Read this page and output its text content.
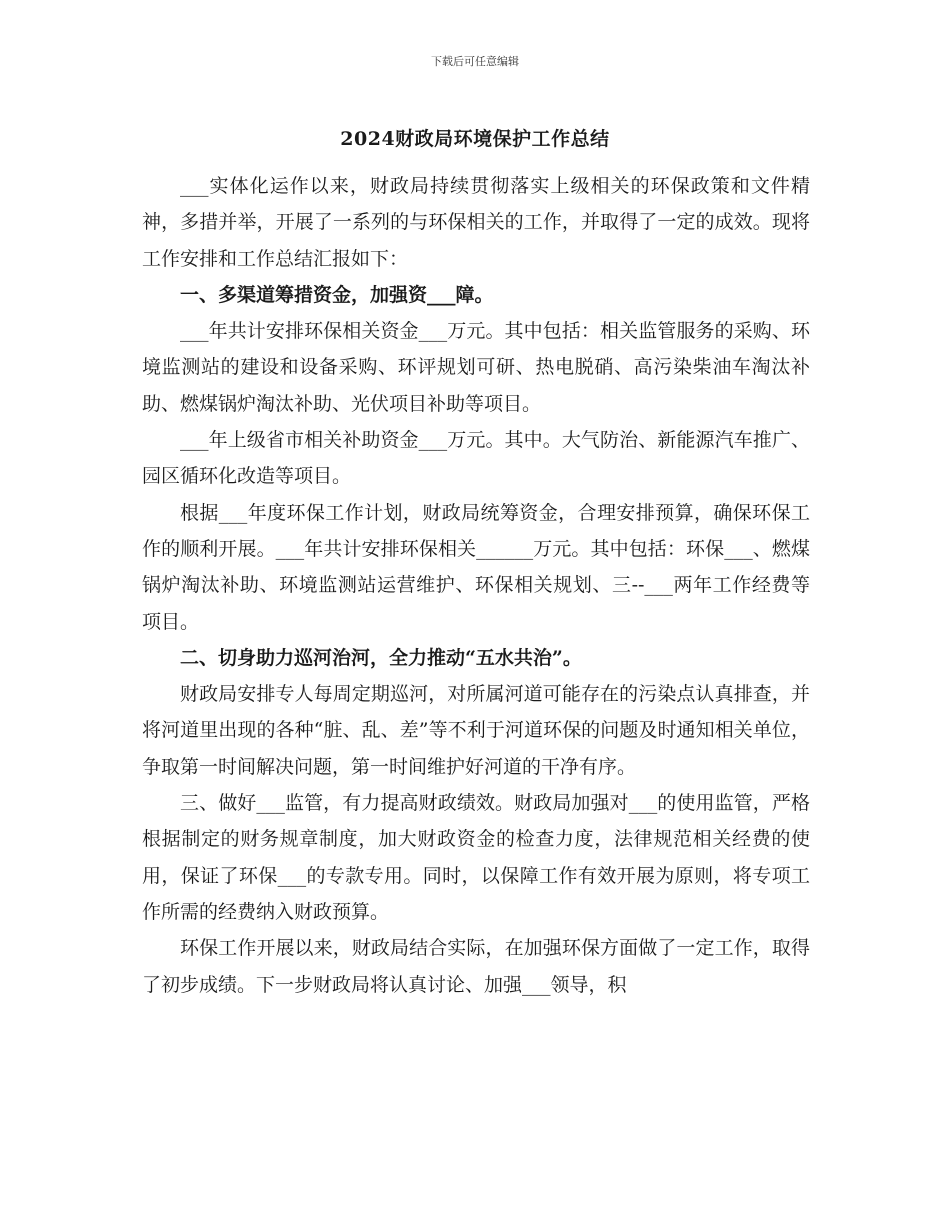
下载后可任意编辑
2024财政局环境保护工作总结

___实体化运作以来，财政局持续贯彻落实上级相关的环保政策和文件精神，多措并举，开展了一系列的与环保相关的工作，并取得了一定的成效。现将工作安排和工作总结汇报如下：

一、多渠道筹措资金，加强资___障。

___年共计安排环保相关资金___万元。其中包括：相关监管服务的采购、环境监测站的建设和设备采购、环评规划可研、热电脱硝、高污染柴油车淘汰补助、燃煤锅炉淘汰补助、光伏项目补助等项目。

___年上级省市相关补助资金___万元。其中。大气防治、新能源汽车推广、园区循环化改造等项目。

根据___年度环保工作计划，财政局统筹资金，合理安排预算，确保环保工作的顺利开展。___年共计安排环保相关______万元。其中包括：环保___、燃煤锅炉淘汰补助、环境监测站运营维护、环保相关规划、三--___两年工作经费等项目。

二、切身助力巡河治河，全力推动“五水共治”。

财政局安排专人每周定期巡河，对所属河道可能存在的污染点认真排查，并将河道里出现的各种“脏、乱、差”等不利于河道环保的问题及时通知相关单位，争取第一时间解决问题，第一时间维护好河道的干净有序。

三、做好___监管，有力提高财政绩效。财政局加强对___的使用监管，严格根据制定的财务规章制度，加大财政资金的检查力度，法律规范相关经费的使用，保证了环保___的专款专用。同时，以保障工作有效开展为原则，将专项工作所需的经费纳入财政预算。

环保工作开展以来，财政局结合实际，在加强环保方面做了一定工作，取得了初步成绩。下一步财政局将认真讨论、加强___领导，积
